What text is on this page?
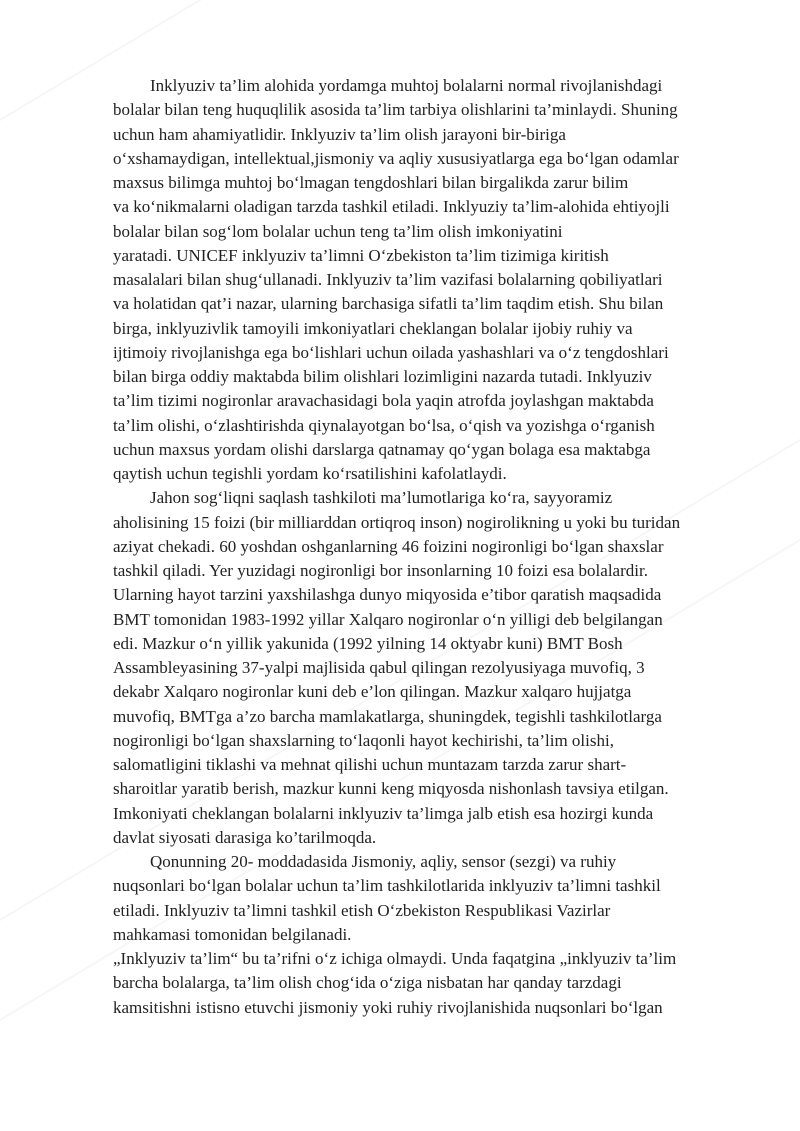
Inklyuziv ta’lim alohida yordamga muhtoj bolalarni normal rivojlanishdagi
bolalar bilan teng huquqlilik asosida ta’lim tarbiya olishlarini ta’minlaydi. Shuning
uchun ham ahamiyatlidir. Inklyuziv ta’lim olish jarayoni bir-biriga
o‘xshamaydigan, intellektual,jismoniy va aqliy xususiyatlarga ega bo‘lgan odamlar
maxsus bilimga muhtoj bo‘lmagan tengdoshlari bilan birgalikda zarur bilim
va ko‘nikmalarni oladigan tarzda tashkil etiladi. Inklyuziy ta’lim-alohida ehtiyojli
bolalar bilan sog‘lom bolalar uchun teng ta’lim olish imkoniyatini
yaratadi. UNICEF inklyuziv ta’limni O‘zbekiston ta’lim tizimiga kiritish
masalalari bilan shug‘ullanadi. Inklyuziv ta’lim vazifasi bolalarning qobiliyatlari
va holatidan qat’i nazar, ularning barchasiga sifatli ta’lim taqdim etish. Shu bilan
birga, inklyuzivlik tamoyili imkoniyatlari cheklangan bolalar ijobiy ruhiy va
ijtimoiy rivojlanishga ega bo‘lishlari uchun oilada yashashlari va o‘z tengdoshlari
bilan birga oddiy maktabda bilim olishlari lozimligini nazarda tutadi. Inklyuziv
ta’lim tizimi nogironlar aravachasidagi bola yaqin atrofda joylashgan maktabda
ta’lim olishi, o‘zlashtirishda qiynalayotgan bo‘lsa, o‘qish va yozishga o‘rganish
uchun maxsus yordam olishi darslarga qatnamay qo‘ygan bolaga esa maktabga
qaytish uchun tegishli yordam ko‘rsatilishini kafolatlaydi.
Jahon sog‘liqni saqlash tashkiloti ma’lumotlariga ko‘ra, sayyoramiz
aholisining 15 foizi (bir milliarddan ortiqroq inson) nogirolikning u yoki bu turidan
aziyat chekadi. 60 yoshdan oshganlarning 46 foizini nogironligi bo‘lgan shaxslar
tashkil qiladi. Yer yuzidagi nogironligi bor insonlarning 10 foizi esa bolalardir.
Ularning hayot tarzini yaxshilashga dunyo miqyosida e’tibor qaratish maqsadida
BMT tomonidan 1983-1992 yillar Xalqaro nogironlar o‘n yilligi deb belgilangan
edi. Mazkur o‘n yillik yakunida (1992 yilning 14 oktyabr kuni) BMT Bosh
Assambleyasining 37-yalpi majlisida qabul qilingan rezolyusiyaga muvofiq, 3
dekabr Xalqaro nogironlar kuni deb e’lon qilingan. Mazkur xalqaro hujjatga
muvofiq, BMTga a’zo barcha mamlakatlarga, shuningdek, tegishli tashkilotlarga
nogironligi bo‘lgan shaxslarning to‘laqonli hayot kechirishi, ta’lim olishi,
salomatligini tiklashi va mehnat qilishi uchun muntazam tarzda zarur shart-
sharoitlar yaratib berish, mazkur kunni keng miqyosda nishonlash tavsiya etilgan.
Imkoniyati cheklangan bolalarni inklyuziv ta’limga jalb etish esa hozirgi kunda
davlat siyosati darasiga ko’tarilmoqda.
Qonunning 20- moddadasida Jismoniy, aqliy, sensor (sezgi) va ruhiy
nuqsonlari bo‘lgan bolalar uchun ta’lim tashkilotlarida inklyuziv ta’limni tashkil
etiladi. Inklyuziv ta’limni tashkil etish O‘zbekiston Respublikasi Vazirlar
mahkamasi tomonidan belgilanadi.
„Inklyuziv ta’lim“ bu ta’rifni o‘z ichiga olmaydi. Unda faqatgina „inklyuziv ta’lim
barcha bolalarga, ta’lim olish chog‘ida o‘ziga nisbatan har qanday tarzdagi
kamsitishni istisno etuvchi jismoniy yoki ruhiy rivojlanishida nuqsonlari bo‘lgan
